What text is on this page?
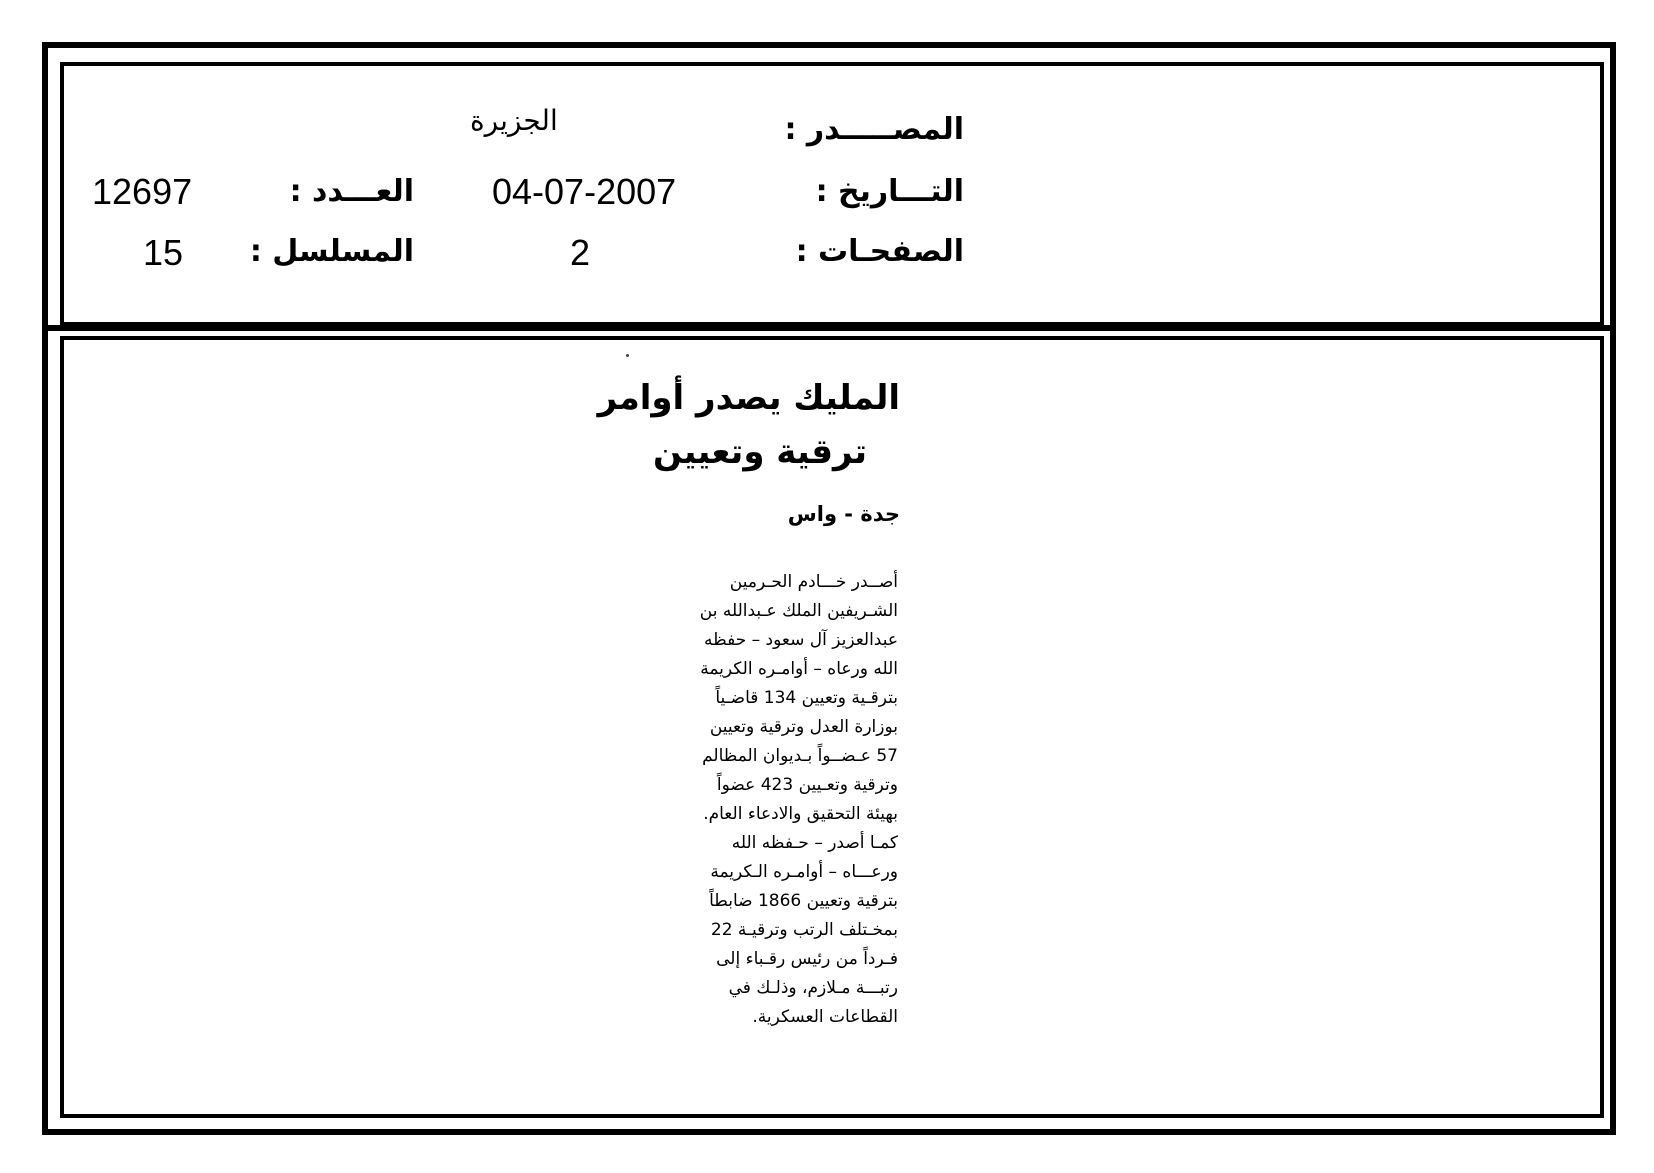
المصـــــدر :
الجزيرة
التـــاريخ :
04-07-2007
العـــدد :
12697
الصفحـات :
2
المسلسل :
15
المليك يصدر أوامر
ترقية وتعيين
جدة - واس
أصــدر خـــادم الحـرمين
الشـريفين الملك عـبدالله بن
عبدالعزيز آل سعود – حفظه
الله ورعاه – أوامـره الكريمة
بترقـية وتعيين 134 قاضـياً
بوزارة العدل وترقية وتعيين
57 عـضــواً بـديوان المظالم
وترقية وتعـيين 423 عضواً
بهيئة التحقيق والادعاء العام.
كمـا أصدر – حـفظه الله
ورعـــاه – أوامـره الـكريمة
بترقية وتعيين 1866 ضابطاً
بمخـتلف الرتب وترقيـة 22
فـرداً من رئيس رقـباء إلى
رتبـــة مـلازم، وذلـك في
القطاعات العسكرية.
